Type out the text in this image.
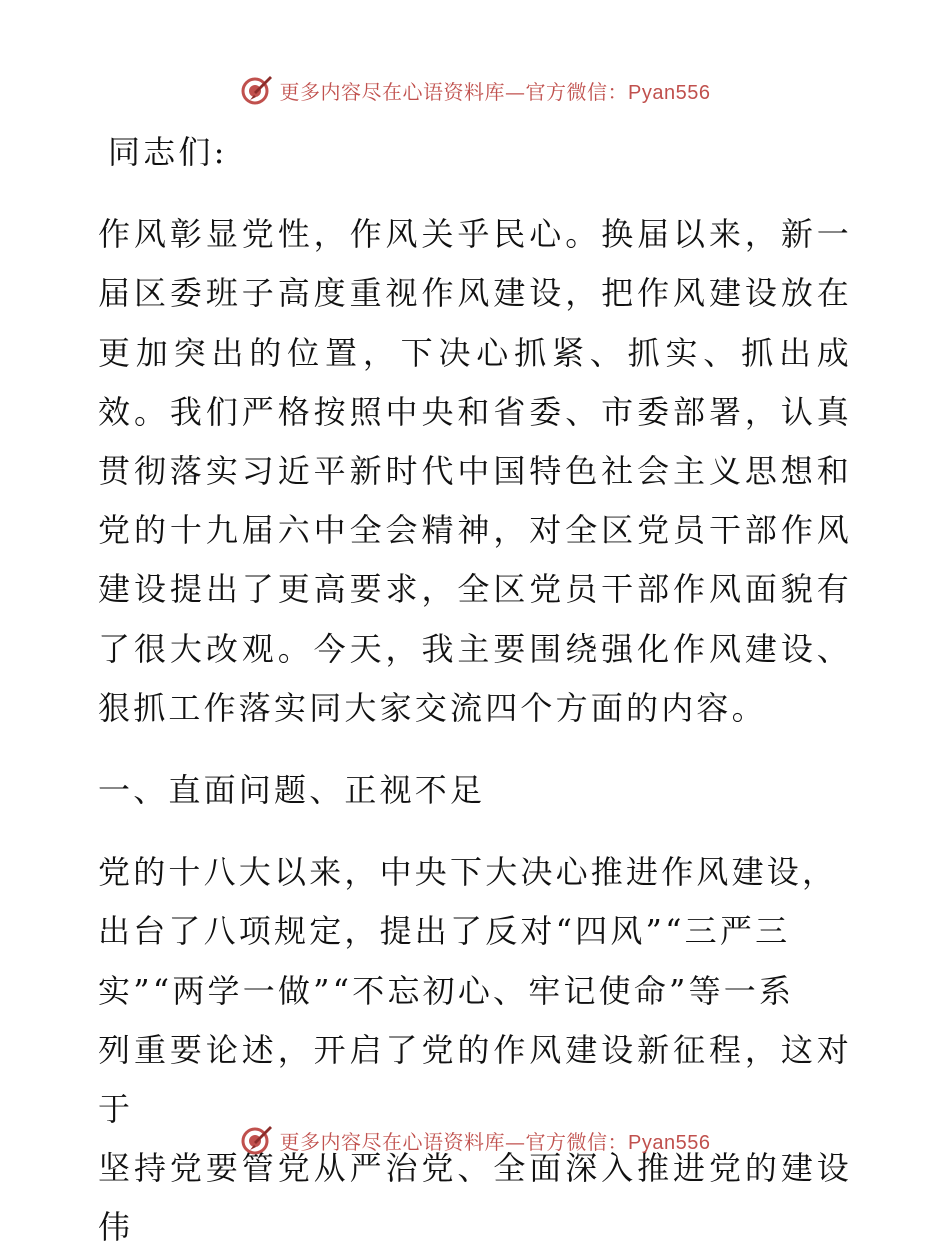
更多内容尽在心语资料库—官方微信：Pyan556

同志们:

作风彰显党性，作风关乎民心。换届以来，新一届区委班子高度重视作风建设，把作风建设放在更加突出的位置，下决心抓紧、抓实、抓出成效。我们严格按照中央和省委、市委部署，认真贯彻落实习近平新时代中国特色社会主义思想和党的十九届六中全会精神，对全区党员干部作风建设提出了更高要求，全区党员干部作风面貌有了很大改观。今天，我主要围绕强化作风建设、狠抓工作落实同大家交流四个方面的内容。

一、直面问题、正视不足

党的十八大以来，中央下大决心推进作风建设，
出台了八项规定，提出了反对“四风”“三严三
实”“两学一做”“不忘初心、牢记使命”等一系
列重要论述，开启了党的作风建设新征程，这对于
坚持党要管党从严治党、全面深入推进党的建设伟
更多内容尽在心语资料库—官方微信：Pyan556
